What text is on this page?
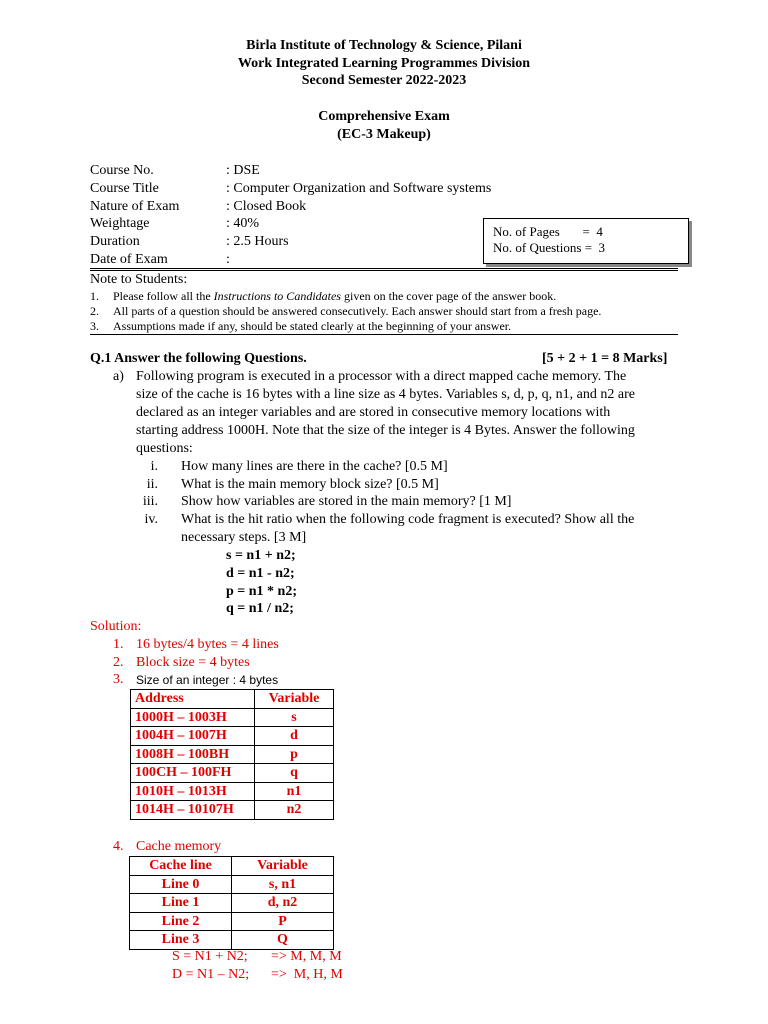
Birla Institute of Technology & Science, Pilani
Work Integrated Learning Programmes Division
Second Semester 2022-2023
Comprehensive Exam
(EC-3 Makeup)
Course No.	: DSE
Course Title	: Computer Organization and Software systems
Nature of Exam	: Closed Book
Weightage	: 40%
Duration	: 2.5 Hours
Date of Exam	:
No. of Pages       =  4
No. of Questions =  3
Note to Students:
1. Please follow all the Instructions to Candidates given on the cover page of the answer book.
2. All parts of a question should be answered consecutively. Each answer should start from a fresh page.
3. Assumptions made if any, should be stated clearly at the beginning of your answer.
Q.1 Answer the following Questions.	[5 + 2 + 1 = 8 Marks]
a) Following program is executed in a processor with a direct mapped cache memory. The
size of the cache is 16 bytes with a line size as 4 bytes. Variables s, d, p, q, n1, and n2 are
declared as an integer variables and are stored in consecutive memory locations with
starting address 1000H. Note that the size of the integer is 4 Bytes. Answer the following
questions:
i. How many lines are there in the cache? [0.5 M]
ii. What is the main memory block size? [0.5 M]
iii. Show how variables are stored in the main memory? [1 M]
iv. What is the hit ratio when the following code fragment is executed? Show all the
necessary steps. [3 M]
s = n1 + n2;
d = n1 - n2;
p = n1 * n2;
q = n1 / n2;
Solution:
1. 16 bytes/4 bytes = 4 lines
2. Block size = 4 bytes
3. Size of an integer : 4 bytes
Address	Variable
1000H – 1003H	s
1004H – 1007H	d
1008H – 100BH	p
100CH – 100FH	q
1010H – 1013H	n1
1014H – 10107H	n2
4. Cache memory
Cache line	Variable
Line 0	s, n1
Line 1	d, n2
Line 2	P
Line 3	Q
S = N1 + N2; => M, M, M
D = N1 – N2; =>  M, H, M
